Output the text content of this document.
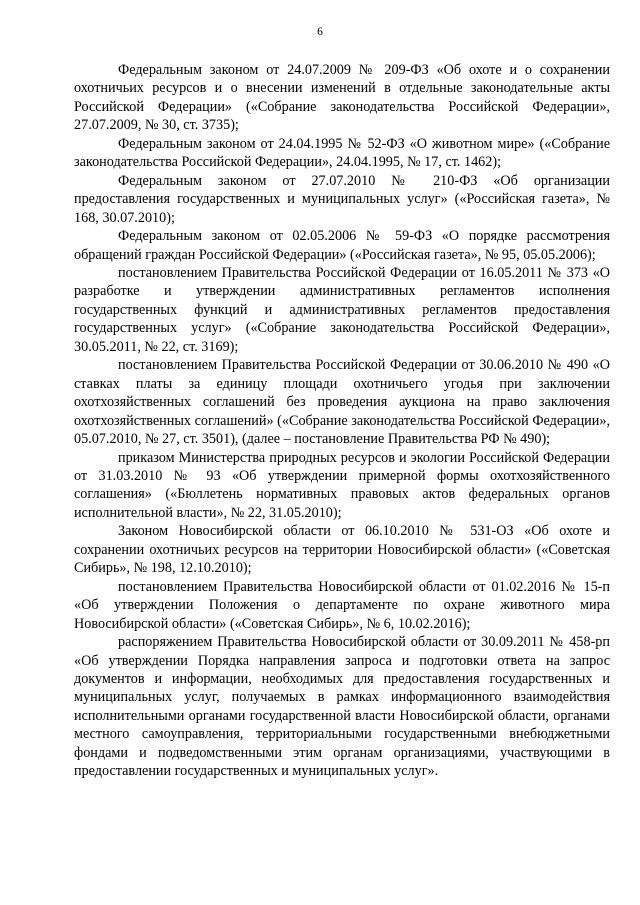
6

Федеральным законом от 24.07.2009 № 209-ФЗ «Об охоте и о сохранении охотничьих ресурсов и о внесении изменений в отдельные законодательные акты Российской Федерации» («Собрание законодательства Российской Федерации», 27.07.2009, № 30, ст. 3735);

Федеральным законом от 24.04.1995 № 52-ФЗ «О животном мире» («Собрание законодательства Российской Федерации», 24.04.1995, № 17, ст. 1462);

Федеральным законом от 27.07.2010 № 210-ФЗ «Об организации предоставления государственных и муниципальных услуг» («Российская газета», № 168, 30.07.2010);

Федеральным законом от 02.05.2006 № 59-ФЗ «О порядке рассмотрения обращений граждан Российской Федерации» («Российская газета», № 95, 05.05.2006);

постановлением Правительства Российской Федерации от 16.05.2011 № 373 «О разработке и утверждении административных регламентов исполнения государственных функций и административных регламентов предоставления государственных услуг» («Собрание законодательства Российской Федерации», 30.05.2011, № 22, ст. 3169);

постановлением Правительства Российской Федерации от 30.06.2010 № 490 «О ставках платы за единицу площади охотничьего угодья при заключении охотхозяйственных соглашений без проведения аукциона на право заключения охотхозяйственных соглашений» («Собрание законодательства Российской Федерации», 05.07.2010, № 27, ст. 3501), (далее – постановление Правительства РФ № 490);

приказом Министерства природных ресурсов и экологии Российской Федерации от 31.03.2010 № 93 «Об утверждении примерной формы охотхозяйственного соглашения» («Бюллетень нормативных правовых актов федеральных органов исполнительной власти», № 22, 31.05.2010);

Законом Новосибирской области от 06.10.2010 № 531-ОЗ «Об охоте и сохранении охотничьих ресурсов на территории Новосибирской области» («Советская Сибирь», № 198, 12.10.2010);

постановлением Правительства Новосибирской области от 01.02.2016 № 15-п «Об утверждении Положения о департаменте по охране животного мира Новосибирской области» («Советская Сибирь», № 6, 10.02.2016);

распоряжением Правительства Новосибирской области от 30.09.2011 № 458-рп «Об утверждении Порядка направления запроса и подготовки ответа на запрос документов и информации, необходимых для предоставления государственных и муниципальных услуг, получаемых в рамках информационного взаимодействия исполнительными органами государственной власти Новосибирской области, органами местного самоуправления, территориальными государственными внебюджетными фондами и подведомственными этим органам организациями, участвующими в предоставлении государственных и муниципальных услуг».
